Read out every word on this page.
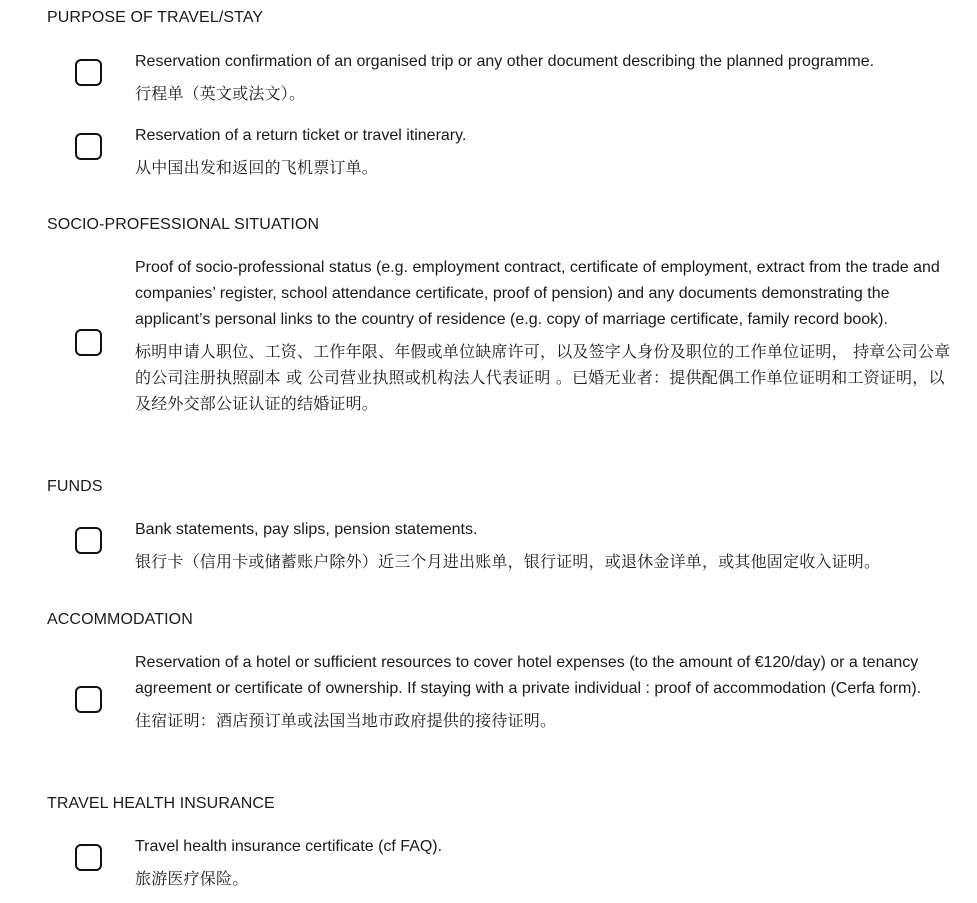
PURPOSE OF TRAVEL/STAY

Reservation confirmation of an organised trip or any other document describing the planned programme.

行程单（英文或法文）。

Reservation of a return ticket or travel itinerary.

从中国出发和返回的飞机票订单。

SOCIO-PROFESSIONAL SITUATION

Proof of socio-professional status (e.g. employment contract, certificate of employment, extract from the trade and companies’ register, school attendance certificate, proof of pension) and any documents demonstrating the applicant’s personal links to the country of residence (e.g. copy of marriage certificate, family record book).

标明申请人职位、工资、工作年限、年假或单位缺席许可，以及签字人身份及职位的工作单位证明， 持章公司公章的公司注册执照副本 或 公司营业执照或机构法人代表证明 。已婚无业者：提供配偶工作单位证明和工资证明，以及经外交部公证认证的结婚证明。

FUNDS

Bank statements, pay slips, pension statements.

银行卡（信用卡或储蓄账户除外）近三个月进出账单，银行证明，或退休金详单，或其他固定收入证明。

ACCOMMODATION

Reservation of a hotel or sufficient resources to cover hotel expenses (to the amount of €120/day) or a tenancy agreement or certificate of ownership. If staying with a private individual : proof of accommodation (Cerfa form).

住宿证明：酒店预订单或法国当地市政府提供的接待证明。

TRAVEL HEALTH INSURANCE

Travel health insurance certificate (cf FAQ).

旅游医疗保险。
